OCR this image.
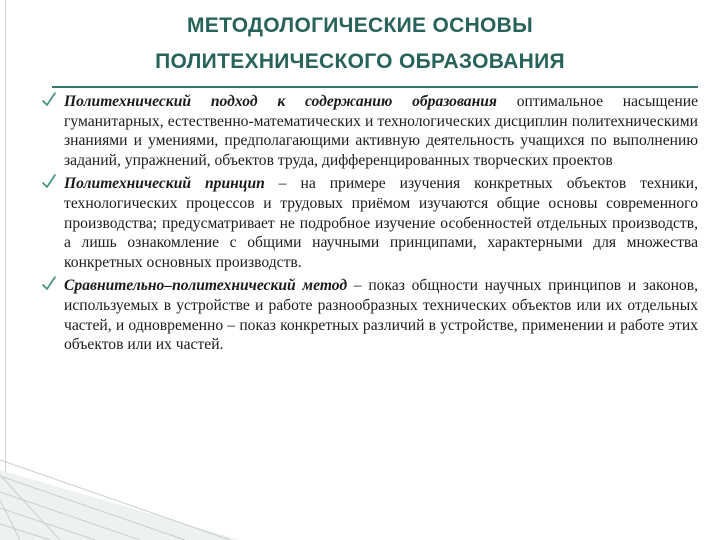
МЕТОДОЛОГИЧЕСКИЕ ОСНОВЫ
ПОЛИТЕХНИЧЕСКОГО ОБРАЗОВАНИЯ
Политехнический подход к содержанию образования оптимальное насыщение гуманитарных, естественно-математических и технологических дисциплин политехническими знаниями и умениями, предполагающими активную деятельность учащихся по выполнению заданий, упражнений, объектов труда, дифференцированных творческих проектов
Политехнический принцип – на примере изучения конкретных объектов техники, технологических процессов и трудовых приёмом изучаются общие основы современного производства; предусматривает не подробное изучение особенностей отдельных производств, а лишь ознакомление с общими научными принципами, характерными для множества конкретных основных производств.
Сравнительно–политехнический метод – показ общности научных принципов и законов, используемых в устройстве и работе разнообразных технических объектов или их отдельных частей, и одновременно – показ конкретных различий в устройстве, применении и работе этих объектов или их частей.
